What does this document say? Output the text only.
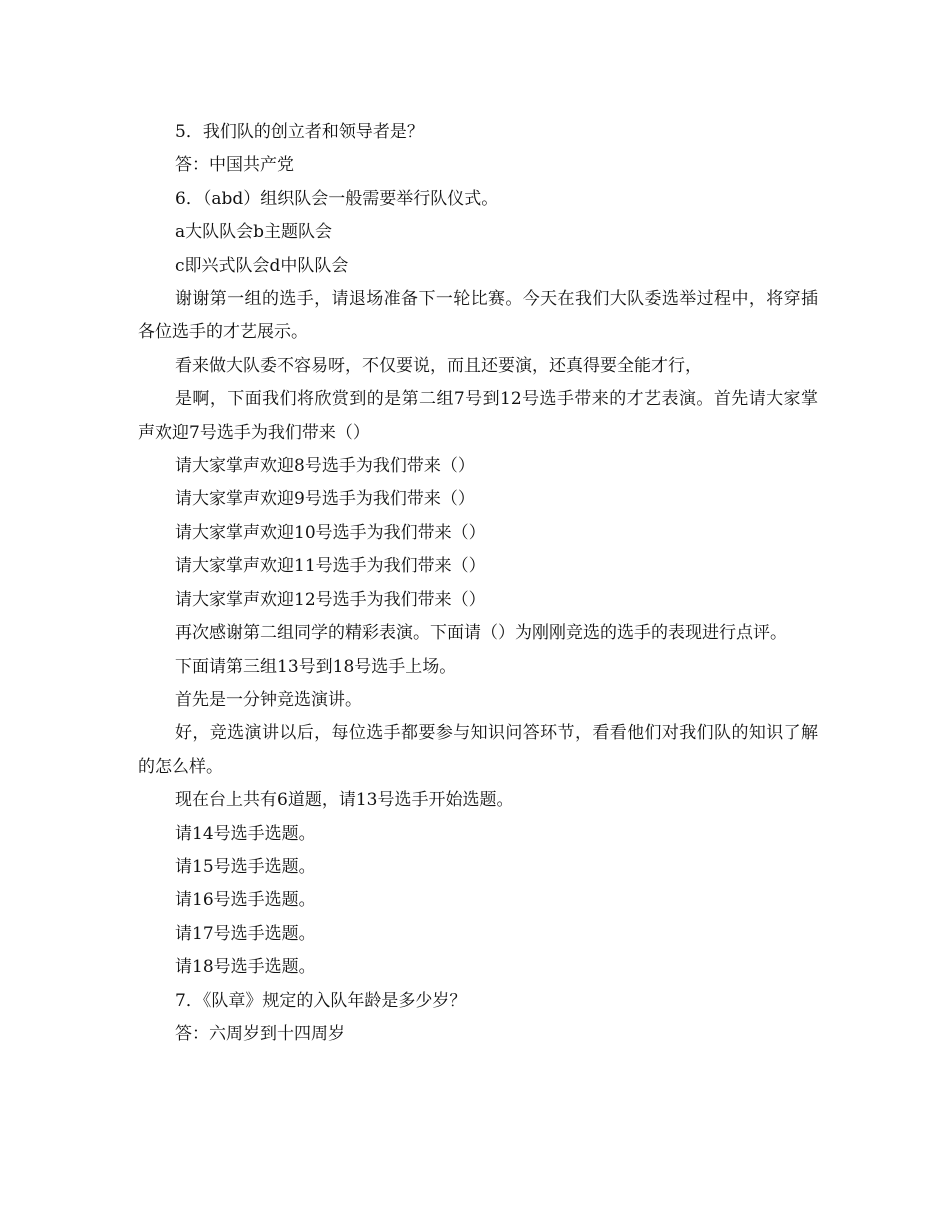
5．我们队的创立者和领导者是？

答：中国共产党

6．（abd）组织队会一般需要举行队仪式。

a大队队会b主题队会

c即兴式队会d中队队会

谢谢第一组的选手，请退场准备下一轮比赛。今天在我们大队委选举过程中，将穿插各位选手的才艺展示。

看来做大队委不容易呀，不仅要说，而且还要演，还真得要全能才行，

是啊，下面我们将欣赏到的是第二组7号到12号选手带来的才艺表演。首先请大家掌声欢迎7号选手为我们带来（）

请大家掌声欢迎8号选手为我们带来（）

请大家掌声欢迎9号选手为我们带来（）

请大家掌声欢迎10号选手为我们带来（）

请大家掌声欢迎11号选手为我们带来（）

请大家掌声欢迎12号选手为我们带来（）

再次感谢第二组同学的精彩表演。下面请（）为刚刚竞选的选手的表现进行点评。

下面请第三组13号到18号选手上场。

首先是一分钟竞选演讲。

好，竞选演讲以后，每位选手都要参与知识问答环节，看看他们对我们队的知识了解的怎么样。

现在台上共有6道题，请13号选手开始选题。

请14号选手选题。

请15号选手选题。

请16号选手选题。

请17号选手选题。

请18号选手选题。

7．《队章》规定的入队年龄是多少岁？

答：六周岁到十四周岁
